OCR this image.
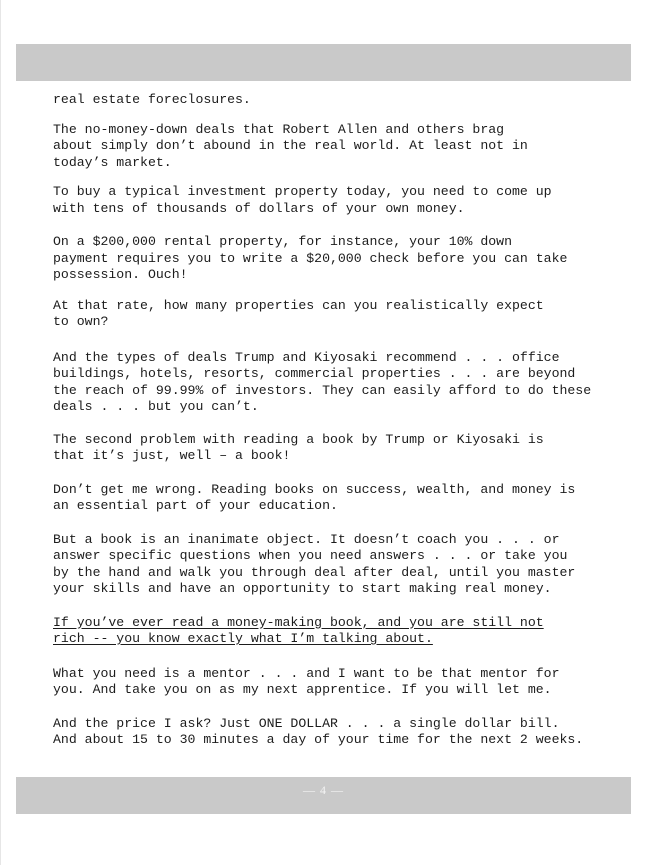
real estate foreclosures.

The no-money-down deals that Robert Allen and others brag
about simply don’t abound in the real world. At least not in
today’s market.

To buy a typical investment property today, you need to come up
with tens of thousands of dollars of your own money.

On a $200,000 rental property, for instance, your 10% down
payment requires you to write a $20,000 check before you can take
possession. Ouch!

At that rate, how many properties can you realistically expect
to own?

And the types of deals Trump and Kiyosaki recommend . . . office
buildings, hotels, resorts, commercial properties . . . are beyond
the reach of 99.99% of investors. They can easily afford to do these
deals . . . but you can’t.

The second problem with reading a book by Trump or Kiyosaki is
that it’s just, well – a book!

Don’t get me wrong. Reading books on success, wealth, and money is
an essential part of your education.

But a book is an inanimate object. It doesn’t coach you . . . or
answer specific questions when you need answers . . . or take you
by the hand and walk you through deal after deal, until you master
your skills and have an opportunity to start making real money.

If you’ve ever read a money-making book, and you are still not
rich -- you know exactly what I’m talking about.

What you need is a mentor . . . and I want to be that mentor for
you. And take you on as my next apprentice. If you will let me.

And the price I ask? Just ONE DOLLAR . . . a single dollar bill.
And about 15 to 30 minutes a day of your time for the next 2 weeks.

— 4 —
